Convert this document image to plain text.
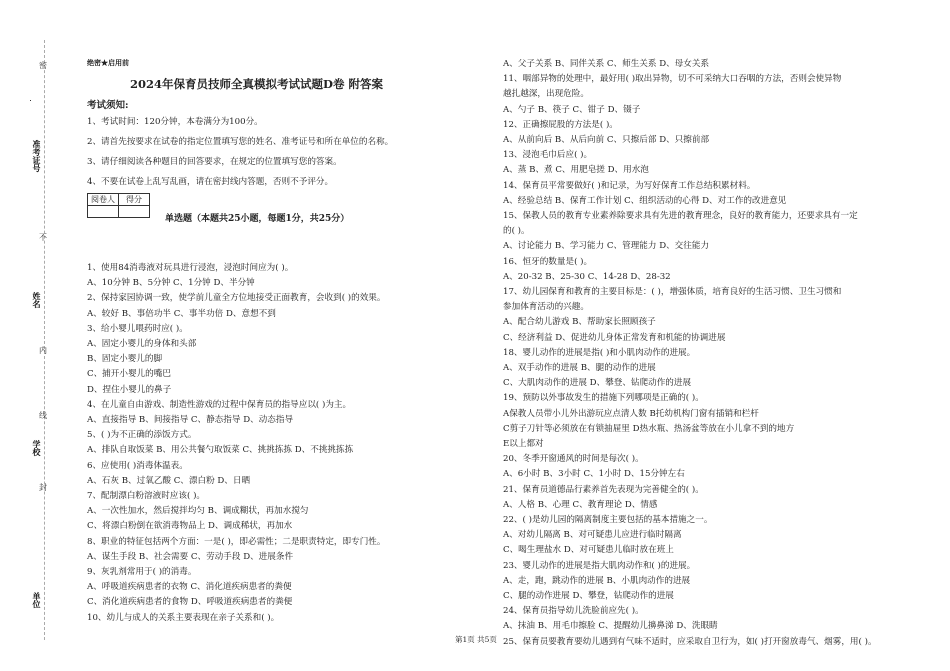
密
封
线
内
不
准考证号
姓名
学校
单位
绝密★启用前
2024年保育员技师全真模拟考试试题D卷 附答案
考试须知:
1、考试时间：120分钟，本卷满分为100分。
2、请首先按要求在试卷的指定位置填写您的姓名、准考证号和所在单位的名称。
3、请仔细阅读各种题目的回答要求，在规定的位置填写您的答案。
4、不要在试卷上乱写乱画，请在密封线内答题，否则不予评分。
阅卷人	得分

单选题（本题共25小题，每题1分，共25分）
1、使用84消毒液对玩具进行浸泡，浸泡时间应为( )。
A、10分钟 B、5分钟 C、1分钟 D、半分钟
2、保持家园协调一致，使学前儿童全方位地接受正面教育，会收到( )的效果。
A、较好 B、事倍功半 C、事半功倍 D、意想不到
3、给小婴儿喂药时应( )。
A、固定小婴儿的身体和头部
B、固定小婴儿的脚
C、捕开小婴儿的嘴巴
D、捏住小婴儿的鼻子
4、在儿童自由游戏、制造性游戏的过程中保育员的指导应以( )为主。
A、直接指导 B、间接指导 C、静态指导 D、动态指导
5、( )为不正确的添饭方式。
A、排队自取饭菜 B、用公共餐勺取饭菜 C、挑挑拣拣 D、不挑挑拣拣
6、应使用( )消毒体温表。
A、石灰 B、过氧乙酸 C、漂白粉 D、日晒
7、配制漂白粉溶液时应该( )。
A、一次性加水，然后搅拌均匀 B、调成糊状，再加水搅匀
C、将漂白粉倒在欲消毒物品上 D、调成稀状，再加水
8、职业的特征包括两个方面：一是( )，即必需性；二是职责特定，即专门性。
A、谋生手段 B、社会需要 C、劳动手段 D、进展条件
9、灰乳剂常用于( )的消毒。
A、呼吸道疾病患者的衣物 C、消化道疾病患者的粪便
C、消化道疾病患者的食物 D、呼吸道疾病患者的粪便
10、幼儿与成人的关系主要表现在亲子关系和( )。
A、父子关系 B、同伴关系 C、师生关系 D、母女关系
11、咽部异物的处理中，最好用( )取出异物，切不可采纳大口吞咽的方法，否则会使异物
越扎越深，出现危险。
A、勺子 B、筷子 C、钳子 D、镊子
12、正确擦屁股的方法是( )。
A、从前向后 B、从后向前 C、只擦后部 D、只擦前部
13、浸泡毛巾后应( )。
A、蒸 B、煮 C、用肥皂搓 D、用水泡
14、保育员平常要做好( )和记录，为写好保育工作总结积累材料。
A、经验总结 B、保育工作计划 C、组织活动的心得 D、对工作的改进意见
15、保教人员的教育专业素养除要求具有先进的教育理念，良好的教育能力，还要求具有一定
的( )。
A、讨论能力 B、学习能力 C、管理能力 D、交往能力
16、恒牙的数量是( )。
A、20-32 B、25-30 C、14-28 D、28-32
17、幼儿园保育和教育的主要目标是：( )，增强体质，培育良好的生活习惯、卫生习惯和
参加体育活动的兴趣。
A、配合幼儿游戏 B、帮助家长照顾孩子
C、经济利益 D、促进幼儿身体正常发育和机能的协调进展
18、婴儿动作的进展是指( )和小肌肉动作的进展。
A、双手动作的进展 B、腿的动作的进展
C、大肌肉动作的进展 D、攀登、钻爬动作的进展
19、预防以外事故发生的措施下列哪项是正确的( )。
A保教人员带小儿外出游玩应点清人数 B托幼机构门窗有插销和栏杆
C剪子刀针等必须放在有锁抽屉里 D热水瓶、热汤盆等放在小儿拿不到的地方
E以上都对
20、冬季开窗通风的时间是每次( )。
A、6小时 B、3小时 C、1小时 D、15分钟左右
21、保育员道德品行素养首先表现为完善健全的( )。
A、人格 B、心理 C、教育理论 D、情感
22、( )是幼儿园的隔离制度主要包括的基本措施之一。
A、对幼儿隔离 B、对可疑患儿应进行临时隔离
C、喝生理盐水 D、对可疑患儿临时放在班上
23、婴儿动作的进展是指大肌肉动作和( )的进展。
A、走，跑，跳动作的进展 B、小肌肉动作的进展
C、腿的动作进展 D、攀登，钻爬动作的进展
24、保育员指导幼儿洗脸前应先( )。
A、抹油 B、用毛巾擦脸 C、提醒幼儿擤鼻涕 D、洗眼睛
25、保育员要教育要幼儿遇到有气味不适时，应采取自卫行为，如( )打开窗放毒气、烟雾，用( )。
第1页 共5页
